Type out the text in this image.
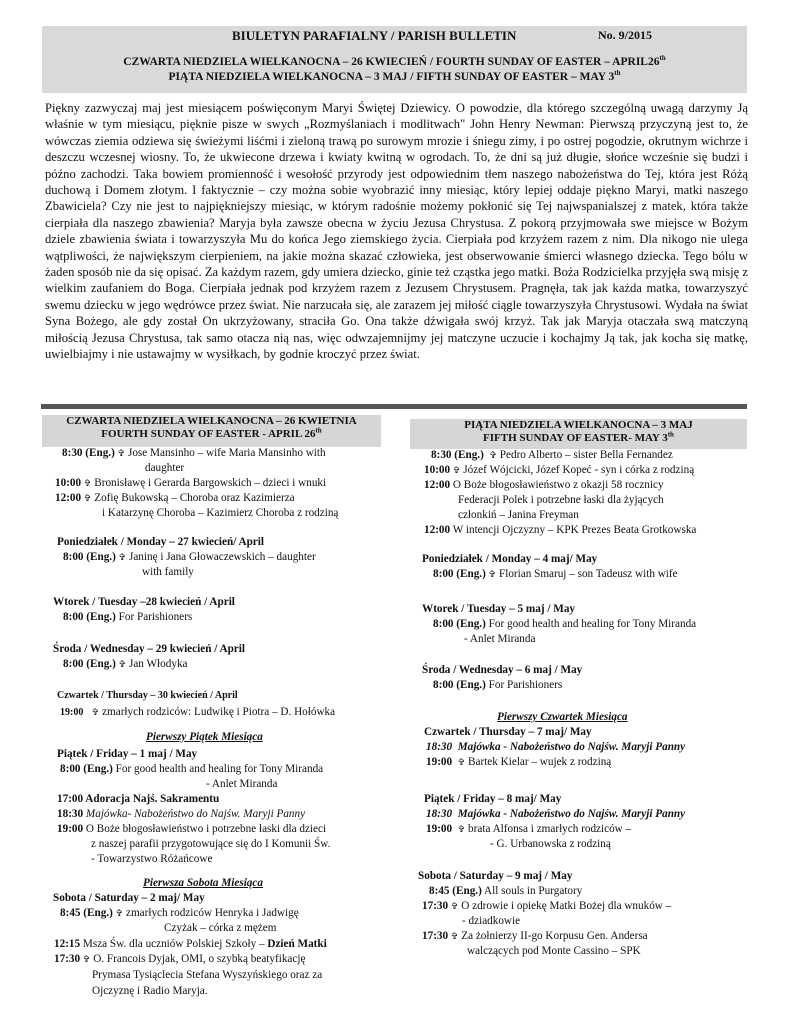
BIULETYN PARAFIALNY / PARISH BULLETIN	No. 9/2015
CZWARTA NIEDZIELA WIELKANOCNA – 26 KWIECIEŃ / FOURTH SUNDAY OF EASTER – APRIL26th
PIĄTA NIEDZIELA WIELKANOCNA – 3 MAJ / FIFTH SUNDAY OF EASTER – MAY 3th
Piękny zazwyczaj maj jest miesiącem poświęconym Maryi Świętej Dziewicy. O powodzie, dla którego szczególną uwagą darzymy Ją właśnie w tym miesiącu, pięknie pisze w swych „Rozmyślaniach i modlitwach" John Henry Newman: Pierwszą przyczyną jest to, że wówczas ziemia odziewa się świeżymi liśćmi i zieloną trawą po surowym mrozie i śniegu zimy, i po ostrej pogodzie, okrutnym wichrze i deszczu wczesnej wiosny. To, że ukwiecone drzewa i kwiaty kwitną w ogrodach. To, że dni są już długie, słońce wcześnie się budzi i późno zachodzi. Taka bowiem promienność i wesołość przyrody jest odpowiednim tłem naszego nabożeństwa do Tej, która jest Różą duchową i Domem złotym. I faktycznie – czy można sobie wyobrazić inny miesiąc, który lepiej oddaje piękno Maryi, matki naszego Zbawiciela? Czy nie jest to najpiękniejszy miesiąc, w którym radośnie możemy pokłonić się Tej najwspanialszej z matek, która także cierpiała dla naszego zbawienia? Maryja była zawsze obecna w życiu Jezusa Chrystusa. Z pokorą przyjmowała swe miejsce w Bożym dziele zbawienia świata i towarzyszyła Mu do końca Jego ziemskiego życia. Cierpiała pod krzyżem razem z nim. Dla nikogo nie ulega wątpliwości, że największym cierpieniem, na jakie można skazać człowieka, jest obserwowanie śmierci własnego dziecka. Tego bólu w żaden sposób nie da się opisać. Za każdym razem, gdy umiera dziecko, ginie też cząstka jego matki. Boża Rodzicielka przyjęła swą misję z wielkim zaufaniem do Boga. Cierpiała jednak pod krzyżem razem z Jezusem Chrystusem. Pragnęła, tak jak każda matka, towarzyszyć swemu dziecku w jego wędrówce przez świat. Nie narzucała się, ale zarazem jej miłość ciągle towarzyszyła Chrystusowi. Wydała na świat Syna Bożego, ale gdy został On ukrzyżowany, straciła Go. Ona także dźwigała swój krzyż. Tak jak Maryja otaczała swą matczyną miłością Jezusa Chrystusa, tak samo otacza nią nas, więc odwzajemnijmy jej matczyne uczucie i kochajmy Ją tak, jak kocha się matkę, uwielbiajmy i nie ustawajmy w wysiłkach, by godnie kroczyć przez świat.
CZWARTA NIEDZIELA WIELKANOCNA – 26 KWIETNIA
FOURTH SUNDAY OF EASTER - APRIL 26th
8:30 (Eng.) ✞ Jose Mansinho – wife Maria Mansinho with
daughter
10:00 ✞ Bronisławę i Gerarda Bargowskich – dzieci i wnuki
12:00 ✞ Zofię Bukowską – Choroba oraz Kazimierza
i Katarzynę Choroba – Kazimierz Choroba z rodziną
Poniedziałek / Monday – 27 kwiecień/ April
8:00 (Eng.) ✞ Janinę i Jana Głowaczewskich – daughter
with family
Wtorek / Tuesday –28 kwiecień / April
8:00 (Eng.) For Parishioners
Środa / Wednesday – 29 kwiecień / April
8:00 (Eng.) ✞ Jan Włodyka
Czwartek / Thursday – 30 kwiecień / April
19:00 ✞ zmarłych rodziców: Ludwikę i Piotra – D. Hołówka
Pierwszy Piątek Miesiąca
Piątek / Friday – 1 maj / May
8:00 (Eng.) For good health and healing for Tony Miranda
- Anlet Miranda
17:00 Adoracja Najś. Sakramentu
18:30 Majówka- Nabożeństwo do Najśw. Maryji Panny
19:00 O Boże błogosławieństwo i potrzebne łaski dla dzieci
z naszej parafii przygotowujące się do I Komunii Św.
- Towarzystwo Różańcowe
Pierwsza Sobota Miesiąca
Sobota / Saturday – 2 maj/ May
8:45 (Eng.) ✞ zmarłych rodziców Henryka i Jadwigę
Czyżak – córka z mężem
12:15 Msza Św. dla uczniów Polskiej Szkoły – Dzień Matki
17:30 ✞ O. Francois Dyjak, OMI, o szybką beatyfikację
Prymasa Tysiąclecia Stefana Wyszyńskiego oraz za
Ojczyznę i Radio Maryja.
PIĄTA NIEDZIELA WIELKANOCNA – 3 MAJ
FIFTH SUNDAY OF EASTER- MAY 3th
8:30 (Eng.) ✞ Pedro Alberto – sister Bella Fernandez
10:00 ✞ Józef Wójcicki, Józef Kopeć - syn i córka z rodziną
12:00 O Boże błogosławieństwo z okazji 58 rocznicy
Federacji Polek i potrzebne łaski dla żyjących
członkiń – Janina Freyman
12:00 W intencji Ojczyzny – KPK Prezes Beata Grotkowska
Poniedziałek / Monday – 4 maj/ May
8:00 (Eng.) ✞ Florian Smaruj – son Tadeusz with wife
Wtorek / Tuesday – 5 maj / May
8:00 (Eng.) For good health and healing for Tony Miranda
- Anlet Miranda
Środa / Wednesday – 6 maj / May
8:00 (Eng.) For Parishioners
Pierwszy Czwartek Miesiąca
Czwartek / Thursday – 7 maj/ May
18:30 Majówka - Nabożeństwo do Najśw. Maryji Panny
19:00 ✞ Bartek Kielar – wujek z rodziną
Piątek / Friday – 8 maj/ May
18:30 Majówka - Nabożeństwo do Najśw. Maryji Panny
19:00 ✞ brata Alfonsa i zmarłych rodziców –
- G. Urbanowska z rodziną
Sobota / Saturday – 9 maj / May
8:45 (Eng.) All souls in Purgatory
17:30 ✞ O zdrowie i opiekę Matki Bożej dla wnuków –
- dziadkowie
17:30 ✞ Za żołnierzy II-go Korpusu Gen. Andersa
walczących pod Monte Cassino – SPK
